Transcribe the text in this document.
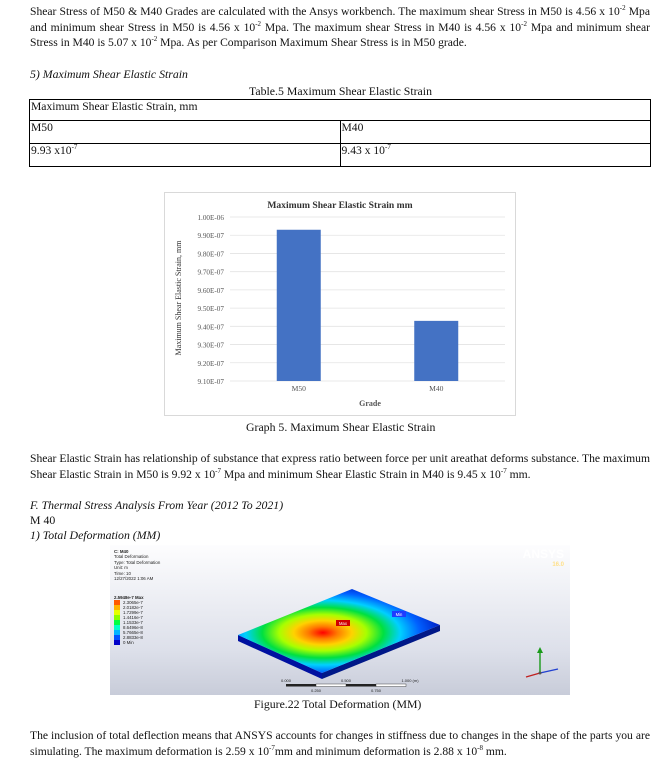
Shear Stress of M50 & M40 Grades are calculated with the Ansys workbench. The maximum shear Stress in M50 is 4.56 x $10^{-2}$ Mpa and minimum shear Stress in M50 is 4.56 x $10^{-2}$ Mpa. The maximum shear Stress in M40 is 4.56 x $10^{-2}$ Mpa and minimum shear Stress in M40 is 5.07 x $10^{-2}$ Mpa. As per Comparison Maximum Shear Stress is in M50 grade.

5) Maximum Shear Elastic Strain

Table.5 Maximum Shear Elastic Strain

Maximum Shear Elastic Strain, mm	
M50	M40
9.93 $x10^{-7}$	9.43 x $10^{-7}$
Maximum Shear Elastic Strain mm
Maximum Shear Elastic Strain, mm
Grade
1.00E-06
9.90E-07
9.80E-07
9.70E-07
9.60E-07
9.50E-07
9.40E-07
9.30E-07
9.20E-07
9.10E-07
M50	M40

Graph 5. Maximum Shear Elastic Strain

Shear Elastic Strain has relationship of substance that express ratio between force per unit areathat deforms substance. The maximum Shear Elastic Strain in M50 is 9.92 x $10^{-7}$ Mpa and minimum Shear Elastic Strain in M40 is 9.45 x $10^{-7}$ mm.

F. Thermal Stress Analysis From Year (2012 To 2021)

M 40

1) Total Deformation (MM)

C: M40
Total Deformation
Type: Total Deformation
Unit: m
Time: 10
12/27/2022 1:06 AM
2.5948e-7 Max
2.3065e-7
2.0182e-7
1.7299e-7
1.4416e-7
1.1533e-7
8.6496e-8
5.7665e-8
2.8833e-8
0 Min
ANSYS
16.0
Max
Min
0.000	0.500	1.000 (m)
0.250	0.750

Figure.22 Total Deformation (MM)

The inclusion of total deflection means that ANSYS accounts for changes in stiffness due to changes in the shape of the parts you are simulating. The maximum deformation is 2.59 x $10^{-7}mm$ and minimum deformation is 2.88 x $10^{-8}$ mm.
